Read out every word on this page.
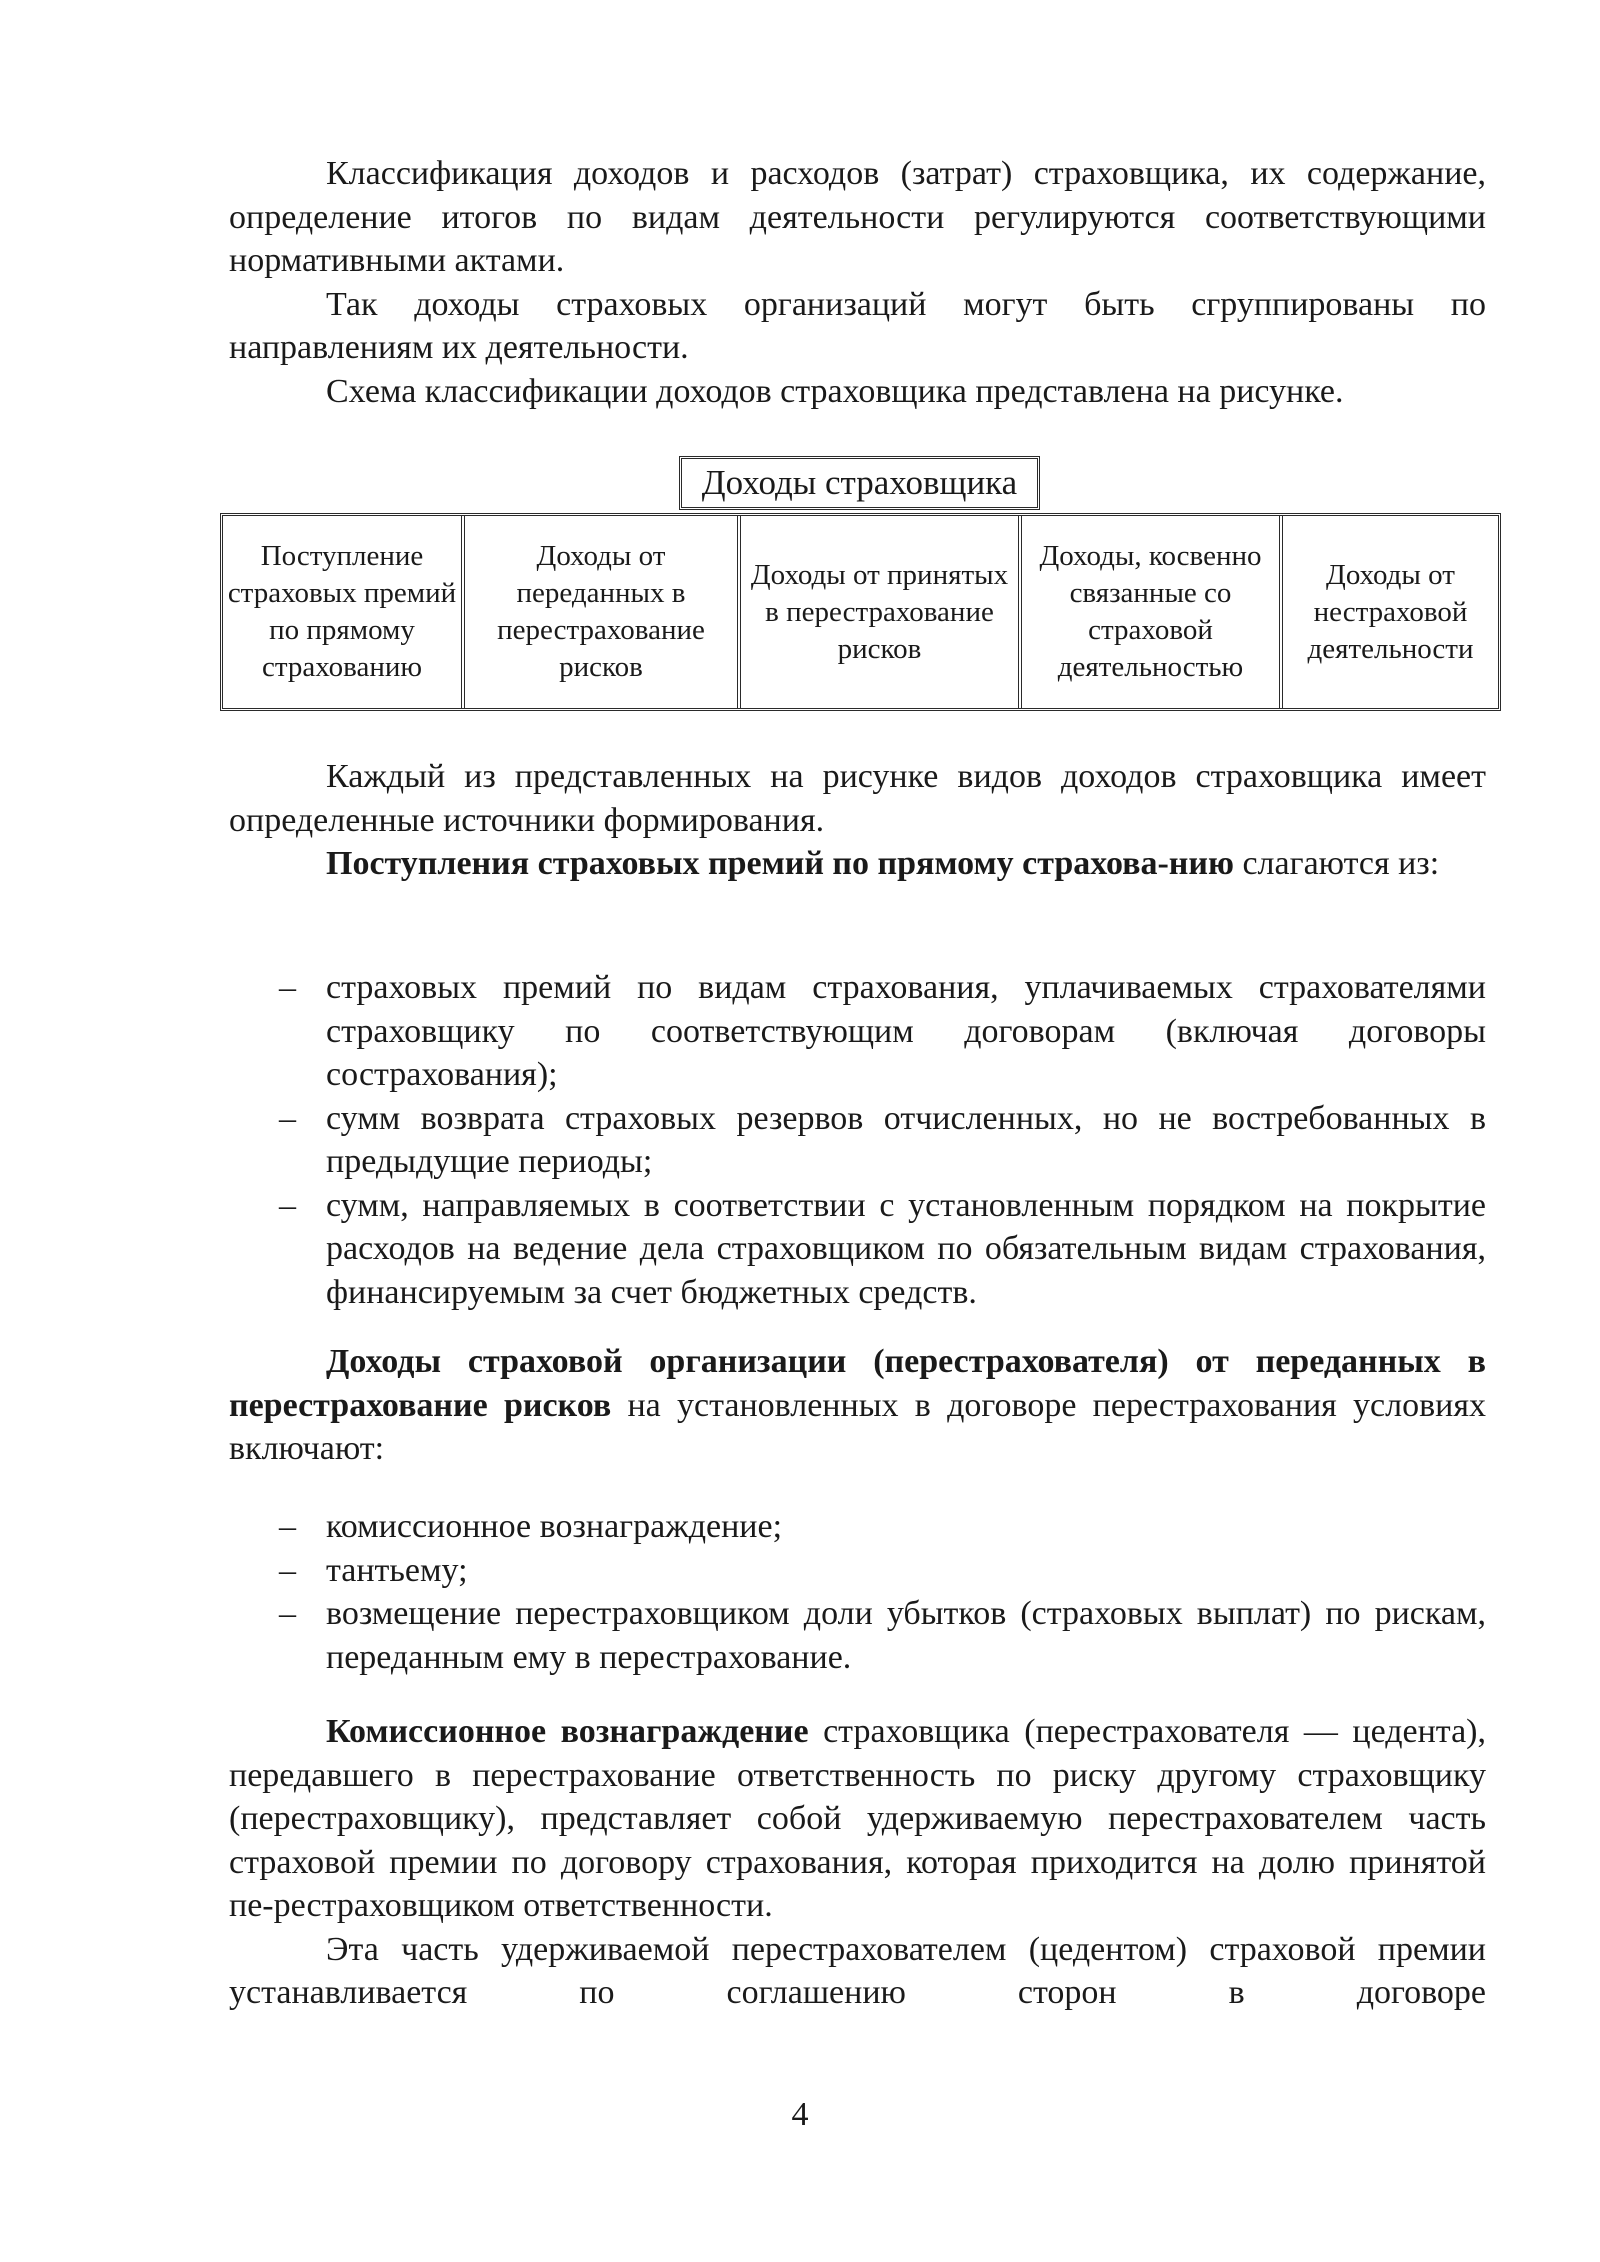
Классификация доходов и расходов (затрат) страховщика, их содержание, определение итогов по видам деятельности регулируются соответствующими нормативными актами.

Так доходы страховых организаций могут быть сгруппированы по направлениям их деятельности.

Схема классификации доходов страховщика представлена на рисунке.

Доходы страховщика
Поступление страховых премий по прямому страхованию
Доходы от переданных в перестрахование рисков
Доходы от принятых в перестрахование рисков
Доходы, косвенно связанные со страховой деятельностью
Доходы от нестраховой деятельности

Каждый из представленных на рисунке видов доходов страховщика имеет определенные источники формирования.

Поступления страховых премий по прямому страхова-нию слагаются из:

– страховых премий по видам страхования, уплачиваемых страхователями страховщику по соответствующим договорам (включая договоры сострахования);
– сумм возврата страховых резервов отчисленных, но не востребованных в предыдущие периоды;
– сумм, направляемых в соответствии с установленным порядком на покрытие расходов на ведение дела страховщиком по обязательным видам страхования, финансируемым за счет бюджетных средств.

Доходы страховой организации (перестрахователя) от переданных в перестрахование рисков на установленных в договоре перестрахования условиях включают:

– комиссионное вознаграждение;
– тантьему;
– возмещение перестраховщиком доли убытков (страховых выплат) по рискам, переданным ему в перестрахование.

Комиссионное вознаграждение страховщика (перестрахователя — цедента), передавшего в перестрахование ответственность по риску другому страховщику (перестраховщику), представляет собой удерживаемую перестрахователем часть страховой премии по договору страхования, которая приходится на долю принятой пе-рестраховщиком ответственности.

Эта часть удерживаемой перестрахователем (цедентом) страховой премии устанавливается по соглашению сторон в договоре

4
